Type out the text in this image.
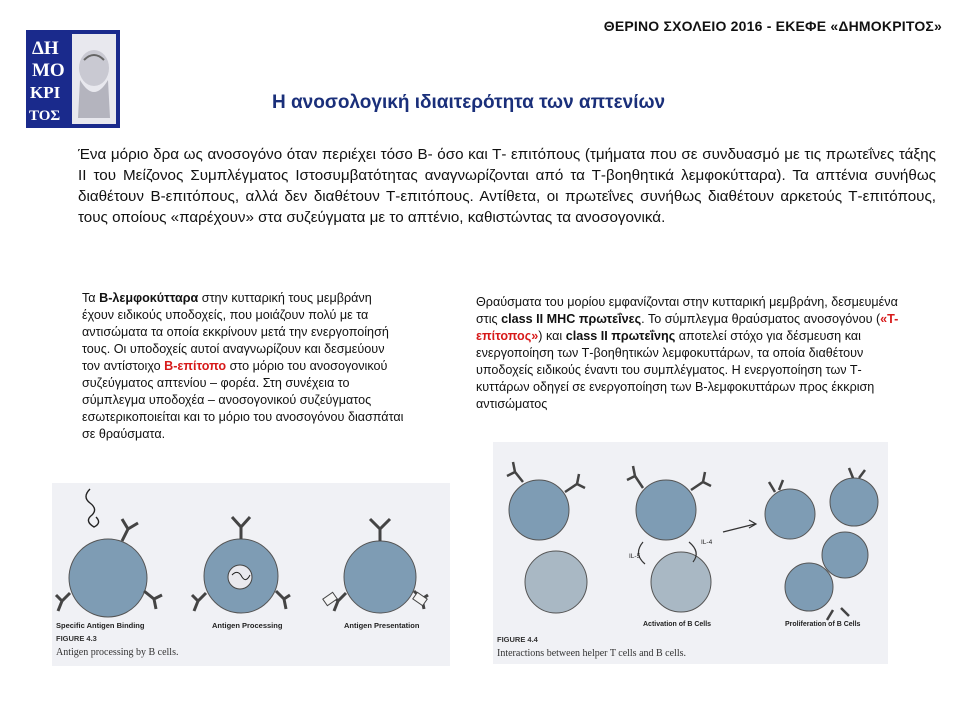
ΘΕΡΙΝΟ ΣΧΟΛΕΙΟ 2016 - ΕΚΕΦΕ «ΔΗΜΟΚΡΙΤΟΣ»
ΔΗ
ΜΟ
ΚΡΙ
ΤΟΣ
Η ανοσολογική ιδιαιτερότητα των απτενίων
Ένα μόριο δρα ως ανοσογόνο όταν περιέχει τόσο Β- όσο και Τ- επιτόπους (τμήματα που σε συνδυασμό με τις πρωτεΐνες τάξης ΙΙ του Μείζονος Συμπλέγματος Ιστοσυμβατότητας αναγνωρίζονται από τα Τ-βοηθητικά λεμφοκύτταρα). Τα απτένια συνήθως διαθέτουν Β-επιτόπους, αλλά δεν διαθέτουν Τ-επιτόπους. Αντίθετα, οι πρωτεΐνες συνήθως διαθέτουν αρκετούς Τ-επιτόπους, τους οποίους «παρέχουν» στα συζεύγματα με το απτένιο, καθιστώντας τα ανοσογονικά.
Τα Β-λεμφοκύτταρα στην κυτταρική τους μεμβράνη έχουν ειδικούς υποδοχείς, που μοιάζουν πολύ με τα αντισώματα τα οποία εκκρίνουν μετά την ενεργοποίησή τους. Οι υποδοχείς αυτοί αναγνωρίζουν και δεσμεύουν τον αντίστοιχο Β-επίτοπο στο μόριο του ανοσογονικού συζεύγματος απτενίου – φορέα. Στη συνέχεια το σύμπλεγμα υποδοχέα – ανοσογονικού συζεύγματος εσωτερικοποιείται και το μόριο του ανοσογόνου διασπάται σε θραύσματα.
Θραύσματα του μορίου εμφανίζονται στην κυτταρική μεμβράνη, δεσμευμένα στις class II MHC πρωτεΐνες. Το σύμπλεγμα θραύσματος ανοσογόνου («Τ-επίτοπος») και class II πρωτεΐνης αποτελεί στόχο για δέσμευση και ενεργοποίηση των Τ-βοηθητικών λεμφοκυττάρων, τα οποία διαθέτουν υποδοχείς ειδικούς έναντι του συμπλέγματος. Η ενεργοποίηση των Τ-κυττάρων οδηγεί σε ενεργοποίηση των Β-λεμφοκυττάρων προς έκκριση αντισώματος
Specific Antigen Binding	Antigen Processing	Antigen Presentation
FIGURE 4.3
Antigen processing by B cells.
IL-5
IL-4
Activation of B Cells	Proliferation of B Cells
FIGURE 4.4
Interactions between helper T cells and B cells.
